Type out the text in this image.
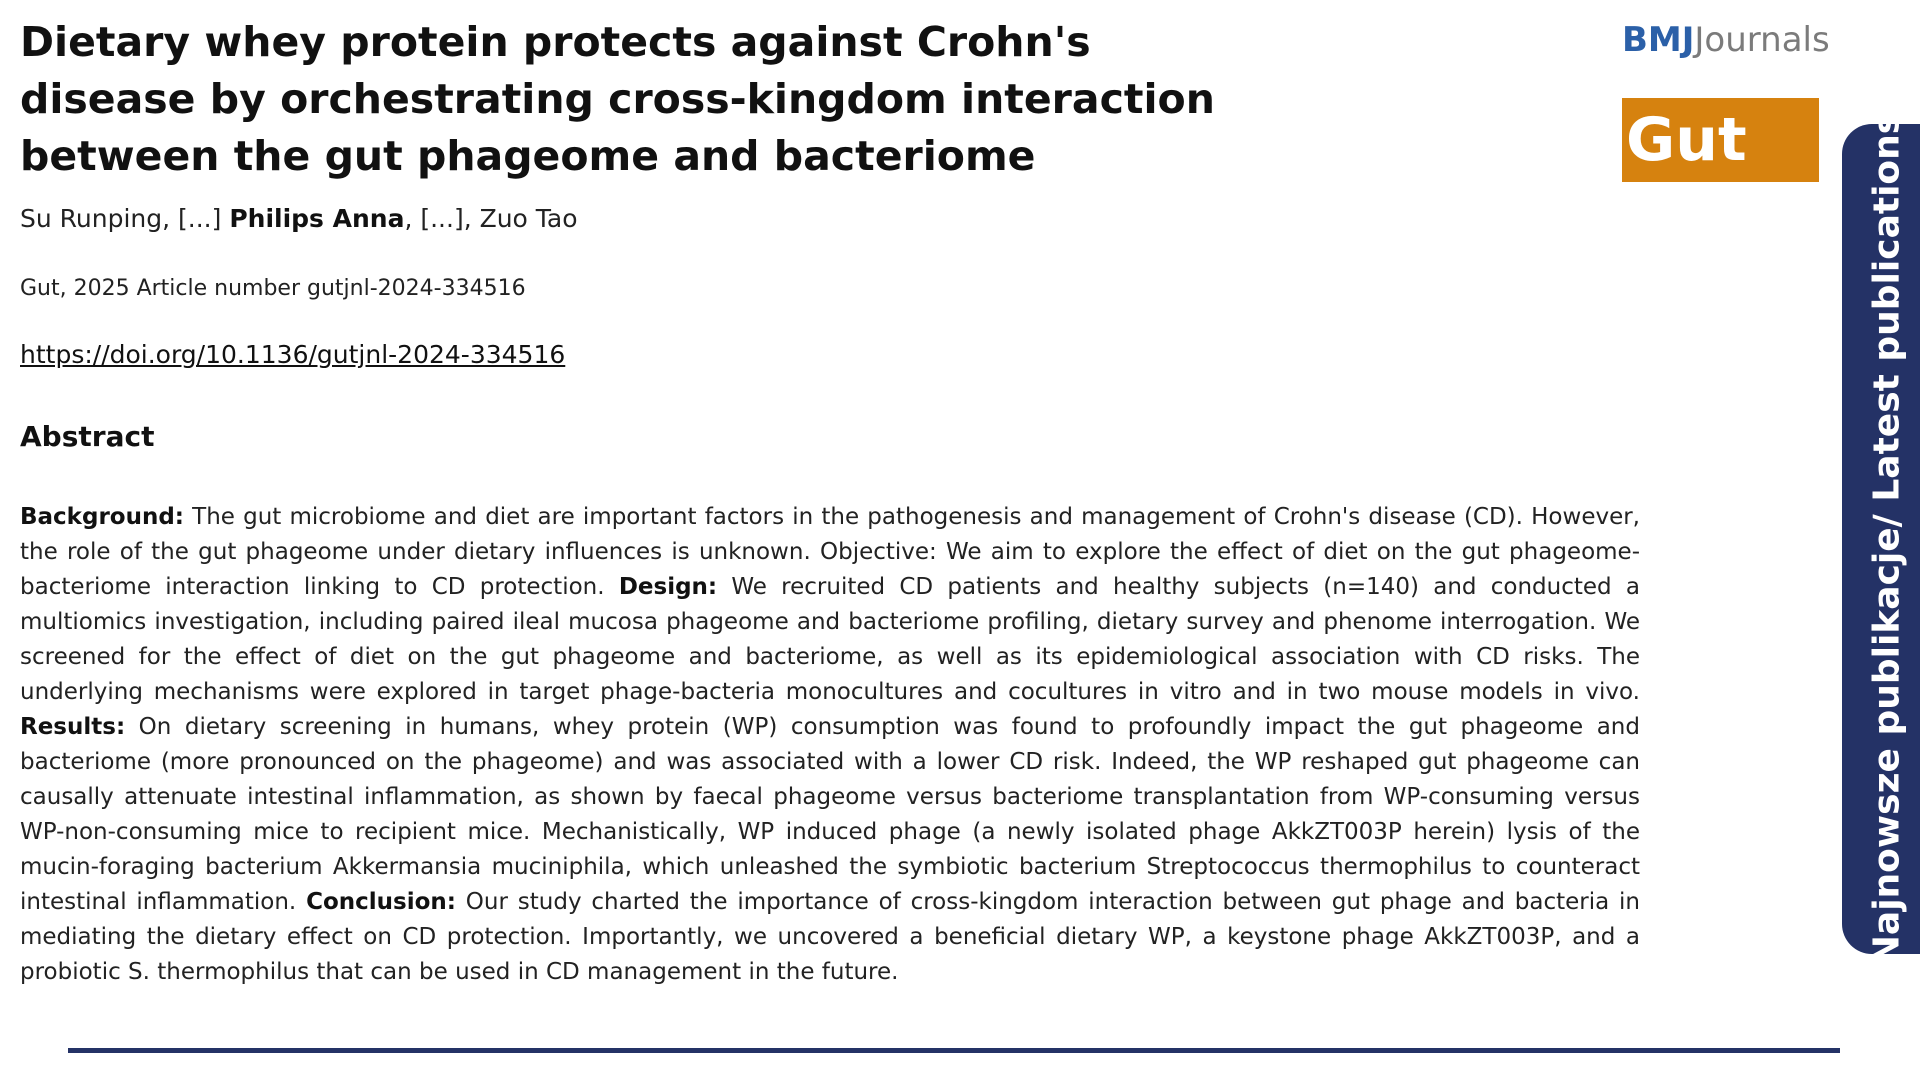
Dietary whey protein protects against Crohn's disease by orchestrating cross-kingdom interaction between the gut phageome and bacteriome
Su Runping, [...] Philips Anna, [...], Zuo Tao
Gut, 2025 Article number gutjnl-2024-334516
https://doi.org/10.1136/gutjnl-2024-334516
Abstract

Background: The gut microbiome and diet are important factors in the pathogenesis and management of Crohn's disease (CD). However, the role of the gut phageome under dietary influences is unknown. Objective: We aim to explore the effect of diet on the gut phageome-bacteriome interaction linking to CD protection. Design: We recruited CD patients and healthy subjects (n=140) and conducted a multiomics investigation, including paired ileal mucosa phageome and bacteriome profiling, dietary survey and phenome interrogation. We screened for the effect of diet on the gut phageome and bacteriome, as well as its epidemiological association with CD risks. The underlying mechanisms were explored in target phage-bacteria monocultures and cocultures in vitro and in two mouse models in vivo. Results: On dietary screening in humans, whey protein (WP) consumption was found to profoundly impact the gut phageome and bacteriome (more pronounced on the phageome) and was associated with a lower CD risk. Indeed, the WP reshaped gut phageome can causally attenuate intestinal inflammation, as shown by faecal phageome versus bacteriome transplantation from WP-consuming versus WP-non-consuming mice to recipient mice. Mechanistically, WP induced phage (a newly isolated phage AkkZT003P herein) lysis of the mucin-foraging bacterium Akkermansia muciniphila, which unleashed the symbiotic bacterium Streptococcus thermophilus to counteract intestinal inflammation. Conclusion: Our study charted the importance of cross-kingdom interaction between gut phage and bacteria in mediating the dietary effect on CD protection. Importantly, we uncovered a beneficial dietary WP, a keystone phage AkkZT003P, and a probiotic S. thermophilus that can be used in CD management in the future.

BMJJournals
Gut	Najnowsze publikacje/ Latest publications
